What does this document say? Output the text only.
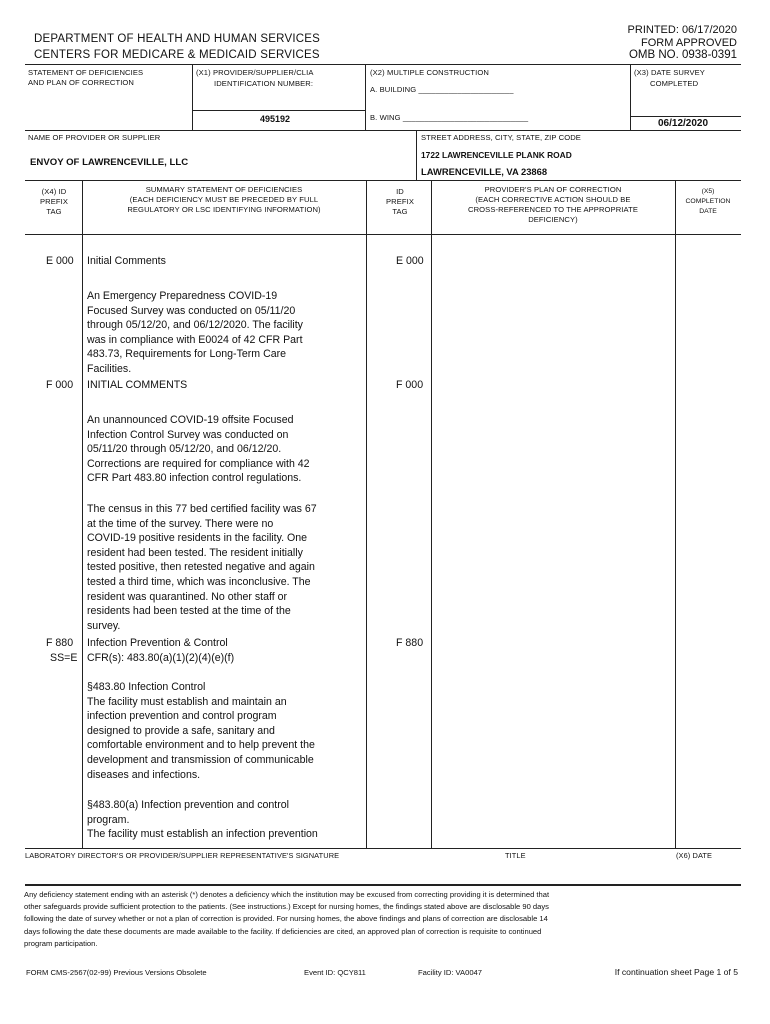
DEPARTMENT OF HEALTH AND HUMAN SERVICES
CENTERS FOR MEDICARE & MEDICAID SERVICES
PRINTED: 06/17/2020
FORM APPROVED
OMB NO. 0938-0391
STATEMENT OF DEFICIENCIES
AND PLAN OF CORRECTION
(X1) PROVIDER/SUPPLIER/CLIA
IDENTIFICATION NUMBER:
495192
(X2) MULTIPLE CONSTRUCTION
A. BUILDING ______________________
B. WING _____________________________
(X3) DATE SURVEY
COMPLETED
06/12/2020
NAME OF PROVIDER OR SUPPLIER
ENVOY OF LAWRENCEVILLE, LLC
STREET ADDRESS, CITY, STATE, ZIP CODE
1722 LAWRENCEVILLE PLANK ROAD
LAWRENCEVILLE, VA 23868
(X4) ID
PREFIX
TAG
SUMMARY STATEMENT OF DEFICIENCIES
(EACH DEFICIENCY MUST BE PRECEDED BY FULL
REGULATORY OR LSC IDENTIFYING INFORMATION)
ID
PREFIX
TAG
PROVIDER'S PLAN OF CORRECTION
(EACH CORRECTIVE ACTION SHOULD BE
CROSS-REFERENCED TO THE APPROPRIATE
DEFICIENCY)
(X5)
COMPLETION
DATE
E 000 Initial Comments	E 000
An Emergency Preparedness COVID-19
Focused Survey was conducted on 05/11/20
through 05/12/20, and 06/12/2020. The facility
was in compliance with E0024 of 42 CFR Part
483.73, Requirements for Long-Term Care
Facilities.
F 000 INITIAL COMMENTS	F 000
An unannounced COVID-19 offsite Focused
Infection Control Survey was conducted on
05/11/20 through 05/12/20, and 06/12/20.
Corrections are required for compliance with 42
CFR Part 483.80 infection control regulations.
The census in this 77 bed certified facility was 67
at the time of the survey. There were no
COVID-19 positive residents in the facility. One
resident had been tested. The resident initially
tested positive, then retested negative and again
tested a third time, which was inconclusive. The
resident was quarantined. No other staff or
residents had been tested at the time of the
survey.
F 880
SS=E
Infection Prevention & Control
CFR(s): 483.80(a)(1)(2)(4)(e)(f)
F 880
§483.80 Infection Control
The facility must establish and maintain an
infection prevention and control program
designed to provide a safe, sanitary and
comfortable environment and to help prevent the
development and transmission of communicable
diseases and infections.
§483.80(a) Infection prevention and control
program.
The facility must establish an infection prevention
LABORATORY DIRECTOR'S OR PROVIDER/SUPPLIER REPRESENTATIVE'S SIGNATURE	TITLE	(X6) DATE
Any deficiency statement ending with an asterisk (*) denotes a deficiency which the institution may be excused from correcting providing it is determined that
other safeguards provide sufficient protection to the patients. (See instructions.) Except for nursing homes, the findings stated above are disclosable 90 days
following the date of survey whether or not a plan of correction is provided. For nursing homes, the above findings and plans of correction are disclosable 14
days following the date these documents are made available to the facility. If deficiencies are cited, an approved plan of correction is requisite to continued
program participation.
FORM CMS-2567(02-99) Previous Versions Obsolete	Event ID: QCY811	Facility ID: VA0047	If continuation sheet Page 1 of 5
